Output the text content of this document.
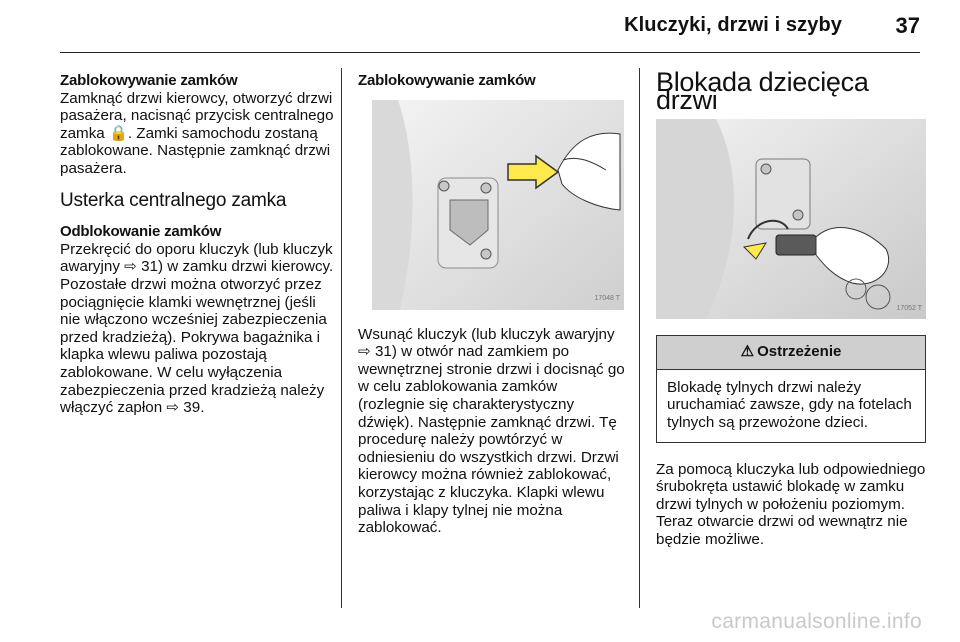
Kluczyki, drzwi i szyby 37
Zablokowywanie zamków

Zamknąć drzwi kierowcy, otworzyć drzwi pasażera, nacisnąć przycisk centralnego zamka 🔒. Zamki samochodu zostaną zablokowane. Następnie zamknąć drzwi pasażera.

Usterka centralnego zamka
Odblokowanie zamków

Przekręcić do oporu kluczyk (lub kluczyk awaryjny ⇨ 31) w zamku drzwi kierowcy. Pozostałe drzwi można otworzyć przez pociągnięcie klamki wewnętrznej (jeśli nie włączono wcześniej zabezpieczenia przed kradzieżą). Pokrywa bagażnika i klapka wlewu paliwa pozostają zablokowane. W celu wyłączenia zabezpieczenia przed kradzieżą należy włączyć zapłon ⇨ 39.

Zablokowywanie zamków
17048 T

Wsunąć kluczyk (lub kluczyk awaryjny ⇨ 31) w otwór nad zamkiem po wewnętrznej stronie drzwi i docisnąć go w celu zablokowania zamków (rozlegnie się charakterystyczny dźwięk). Następnie zamknąć drzwi. Tę procedurę należy powtórzyć w odniesieniu do wszystkich drzwi. Drzwi kierowcy można również zablokować, korzystając z kluczyka. Klapki wlewu paliwa i klapy tylnej nie można zablokować.

Blokada dziecięca drzwi
17052 T
⚠ Ostrzeżenie
Blokadę tylnych drzwi należy uruchamiać zawsze, gdy na fotelach tylnych są przewożone dzieci.

Za pomocą kluczyka lub odpowiedniego śrubokręta ustawić blokadę w zamku drzwi tylnych w położeniu poziomym. Teraz otwarcie drzwi od wewnątrz nie będzie możliwe.

carmanualsonline.info
